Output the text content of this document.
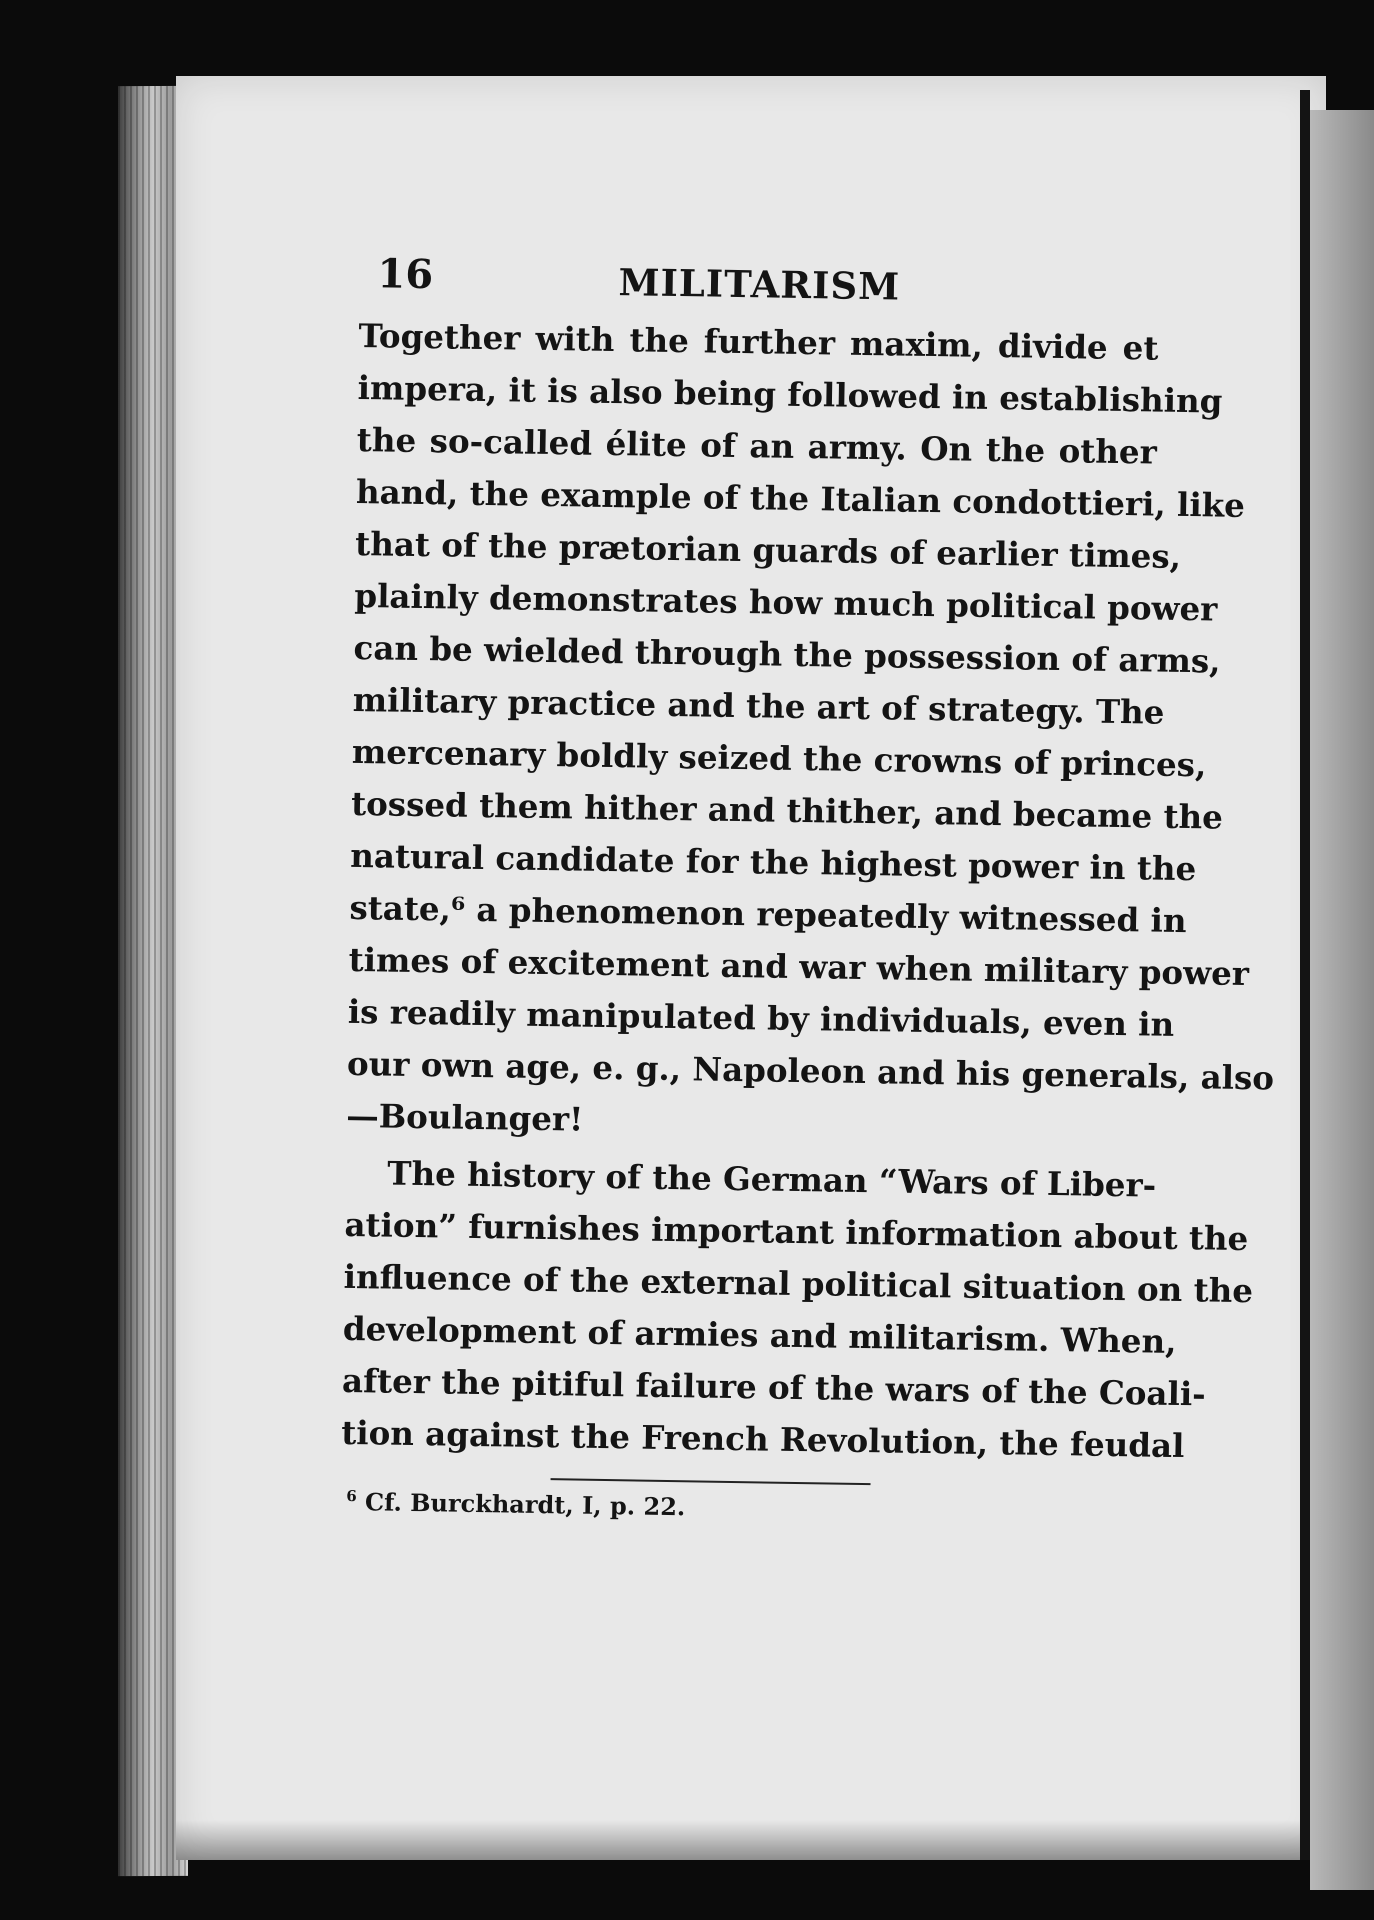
16	MILITARISM

Together with the further maxim, divide et
impera, it is also being followed in establishing
the so-called élite of an army. On the other
hand, the example of the Italian condottieri, like
that of the prætorian guards of earlier times,
plainly demonstrates how much political power
can be wielded through the possession of arms,
military practice and the art of strategy. The
mercenary boldly seized the crowns of princes,
tossed them hither and thither, and became the
natural candidate for the highest power in the
state,⁶ a phenomenon repeatedly witnessed in
times of excitement and war when military power
is readily manipulated by individuals, even in
our own age, e. g., Napoleon and his generals, also
—Boulanger!

The history of the German “Wars of Liber-
ation” furnishes important information about the
influence of the external political situation on the
development of armies and militarism. When,
after the pitiful failure of the wars of the Coali-
tion against the French Revolution, the feudal

$^6$ Cf. Burckhardt, I, p. 22.
